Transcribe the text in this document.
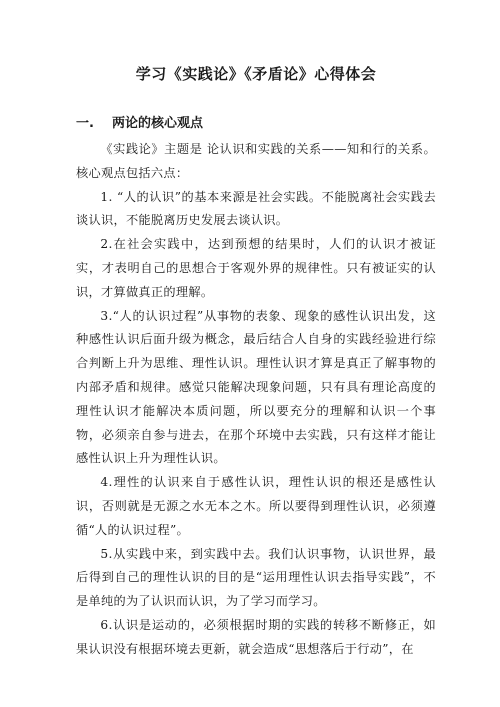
学习《实践论》《矛盾论》心得体会
一. 两论的核心观点

《实践论》主题是 论认识和实践的关系——知和行的关系。核心观点包括六点：

1. “人的认识”的基本来源是社会实践。不能脱离社会实践去谈认识，不能脱离历史发展去谈认识。

2.在社会实践中，达到预想的结果时，人们的认识才被证实，才表明自己的思想合于客观外界的规律性。只有被证实的认识，才算做真正的理解。

3.“人的认识过程”从事物的表象、现象的感性认识出发，这种感性认识后面升级为概念，最后结合人自身的实践经验进行综合判断上升为思维、理性认识。理性认识才算是真正了解事物的内部矛盾和规律。感觉只能解决现象问题，只有具有理论高度的理性认识才能解决本质问题，所以要充分的理解和认识一个事物，必须亲自参与进去，在那个环境中去实践，只有这样才能让感性认识上升为理性认识。

4.理性的认识来自于感性认识，理性认识的根还是感性认识，否则就是无源之水无本之木。所以要得到理性认识，必须遵循“人的认识过程”。

5.从实践中来，到实践中去。我们认识事物，认识世界，最后得到自己的理性认识的目的是“运用理性认识去指导实践”，不是单纯的为了认识而认识，为了学习而学习。

6.认识是运动的，必须根据时期的实践的转移不断修正，如果认识没有根据环境去更新，就会造成“思想落后于行动”，在
